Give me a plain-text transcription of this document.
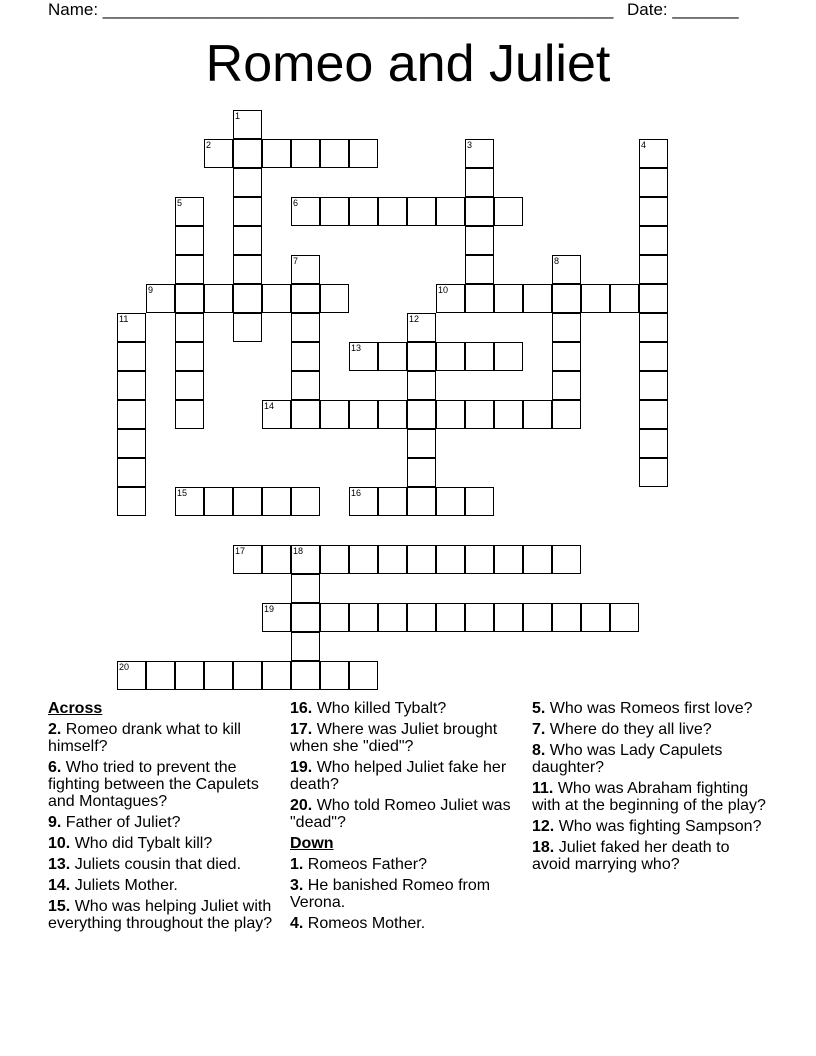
Name: ______________________________________________________ Date: _______
Romeo and Juliet
1
2	3	4
5	6
7	8
9	10
11	12
13
14
15	16
17	18
19
20
Across
2. Romeo drank what to kill himself?
6. Who tried to prevent the fighting between the Capulets and Montagues?
9. Father of Juliet?
10. Who did Tybalt kill?
13. Juliets cousin that died.
14. Juliets Mother.
15. Who was helping Juliet with everything throughout the play?
16. Who killed Tybalt?
17. Where was Juliet brought when she "died"?
19. Who helped Juliet fake her death?
20. Who told Romeo Juliet was "dead"?
Down
1. Romeos Father?
3. He banished Romeo from Verona.
4. Romeos Mother.
5. Who was Romeos first love?
7. Where do they all live?
8. Who was Lady Capulets daughter?
11. Who was Abraham fighting with at the beginning of the play?
12. Who was fighting Sampson?
18. Juliet faked her death to avoid marrying who?
